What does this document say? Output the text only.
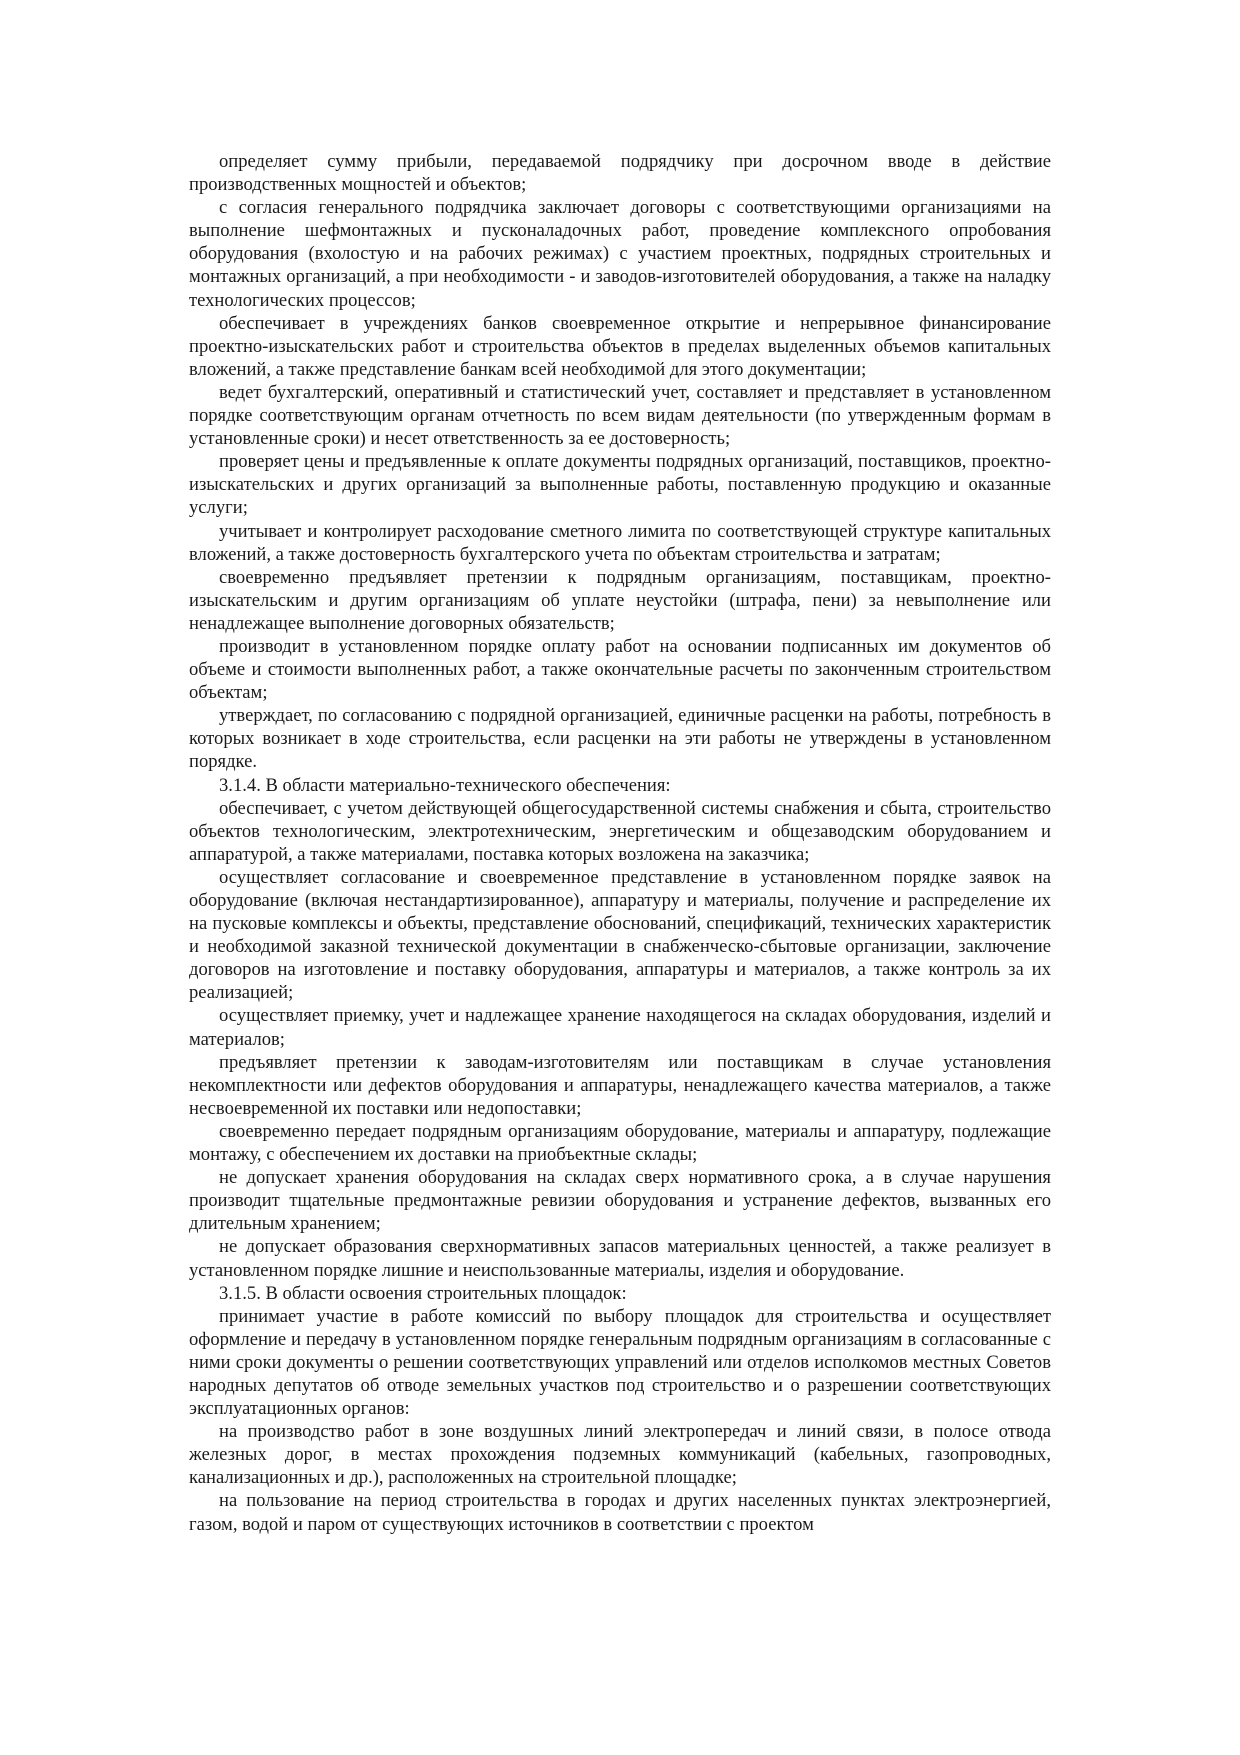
определяет сумму прибыли, передаваемой подрядчику при досрочном вводе в действие производственных мощностей и объектов;

с согласия генерального подрядчика заключает договоры с соответствующими организациями на выполнение шефмонтажных и пусконаладочных работ, проведение комплексного опробования оборудования (вхолостую и на рабочих режимах) с участием проектных, подрядных строительных и монтажных организаций, а при необходимости - и заводов-изготовителей оборудования, а также на наладку технологических процессов;

обеспечивает в учреждениях банков своевременное открытие и непрерывное финансирование проектно-изыскательских работ и строительства объектов в пределах выделенных объемов капитальных вложений, а также представление банкам всей необходимой для этого документации;

ведет бухгалтерский, оперативный и статистический учет, составляет и представляет в установленном порядке соответствующим органам отчетность по всем видам деятельности (по утвержденным формам в установленные сроки) и несет ответственность за ее достоверность;

проверяет цены и предъявленные к оплате документы подрядных организаций, поставщиков, проектно-изыскательских и других организаций за выполненные работы, поставленную продукцию и оказанные услуги;

учитывает и контролирует расходование сметного лимита по соответствующей структуре капитальных вложений, а также достоверность бухгалтерского учета по объектам строительства и затратам;

своевременно предъявляет претензии к подрядным организациям, поставщикам, проектно-изыскательским и другим организациям об уплате неустойки (штрафа, пени) за невыполнение или ненадлежащее выполнение договорных обязательств;

производит в установленном порядке оплату работ на основании подписанных им документов об объеме и стоимости выполненных работ, а также окончательные расчеты по законченным строительством объектам;

утверждает, по согласованию с подрядной организацией, единичные расценки на работы, потребность в которых возникает в ходе строительства, если расценки на эти работы не утверждены в установленном порядке.

3.1.4. В области материально-технического обеспечения:

обеспечивает, с учетом действующей общегосударственной системы снабжения и сбыта, строительство объектов технологическим, электротехническим, энергетическим и общезаводским оборудованием и аппаратурой, а также материалами, поставка которых возложена на заказчика;

осуществляет согласование и своевременное представление в установленном порядке заявок на оборудование (включая нестандартизированное), аппаратуру и материалы, получение и распределение их на пусковые комплексы и объекты, представление обоснований, спецификаций, технических характеристик и необходимой заказной технической документации в снабженческо-сбытовые организации, заключение договоров на изготовление и поставку оборудования, аппаратуры и материалов, а также контроль за их реализацией;

осуществляет приемку, учет и надлежащее хранение находящегося на складах оборудования, изделий и материалов;

предъявляет претензии к заводам-изготовителям или поставщикам в случае установления некомплектности или дефектов оборудования и аппаратуры, ненадлежащего качества материалов, а также несвоевременной их поставки или недопоставки;

своевременно передает подрядным организациям оборудование, материалы и аппаратуру, подлежащие монтажу, с обеспечением их доставки на приобъектные склады;

не допускает хранения оборудования на складах сверх нормативного срока, а в случае нарушения производит тщательные предмонтажные ревизии оборудования и устранение дефектов, вызванных его длительным хранением;

не допускает образования сверхнормативных запасов материальных ценностей, а также реализует в установленном порядке лишние и неиспользованные материалы, изделия и оборудование.

3.1.5. В области освоения строительных площадок:

принимает участие в работе комиссий по выбору площадок для строительства и осуществляет оформление и передачу в установленном порядке генеральным подрядным организациям в согласованные с ними сроки документы о решении соответствующих управлений или отделов исполкомов местных Советов народных депутатов об отводе земельных участков под строительство и о разрешении соответствующих эксплуатационных органов:

на производство работ в зоне воздушных линий электропередач и линий связи, в полосе отвода железных дорог, в местах прохождения подземных коммуникаций (кабельных, газопроводных, канализационных и др.), расположенных на строительной площадке;

на пользование на период строительства в городах и других населенных пунктах электроэнергией, газом, водой и паром от существующих источников в соответствии с проектом
